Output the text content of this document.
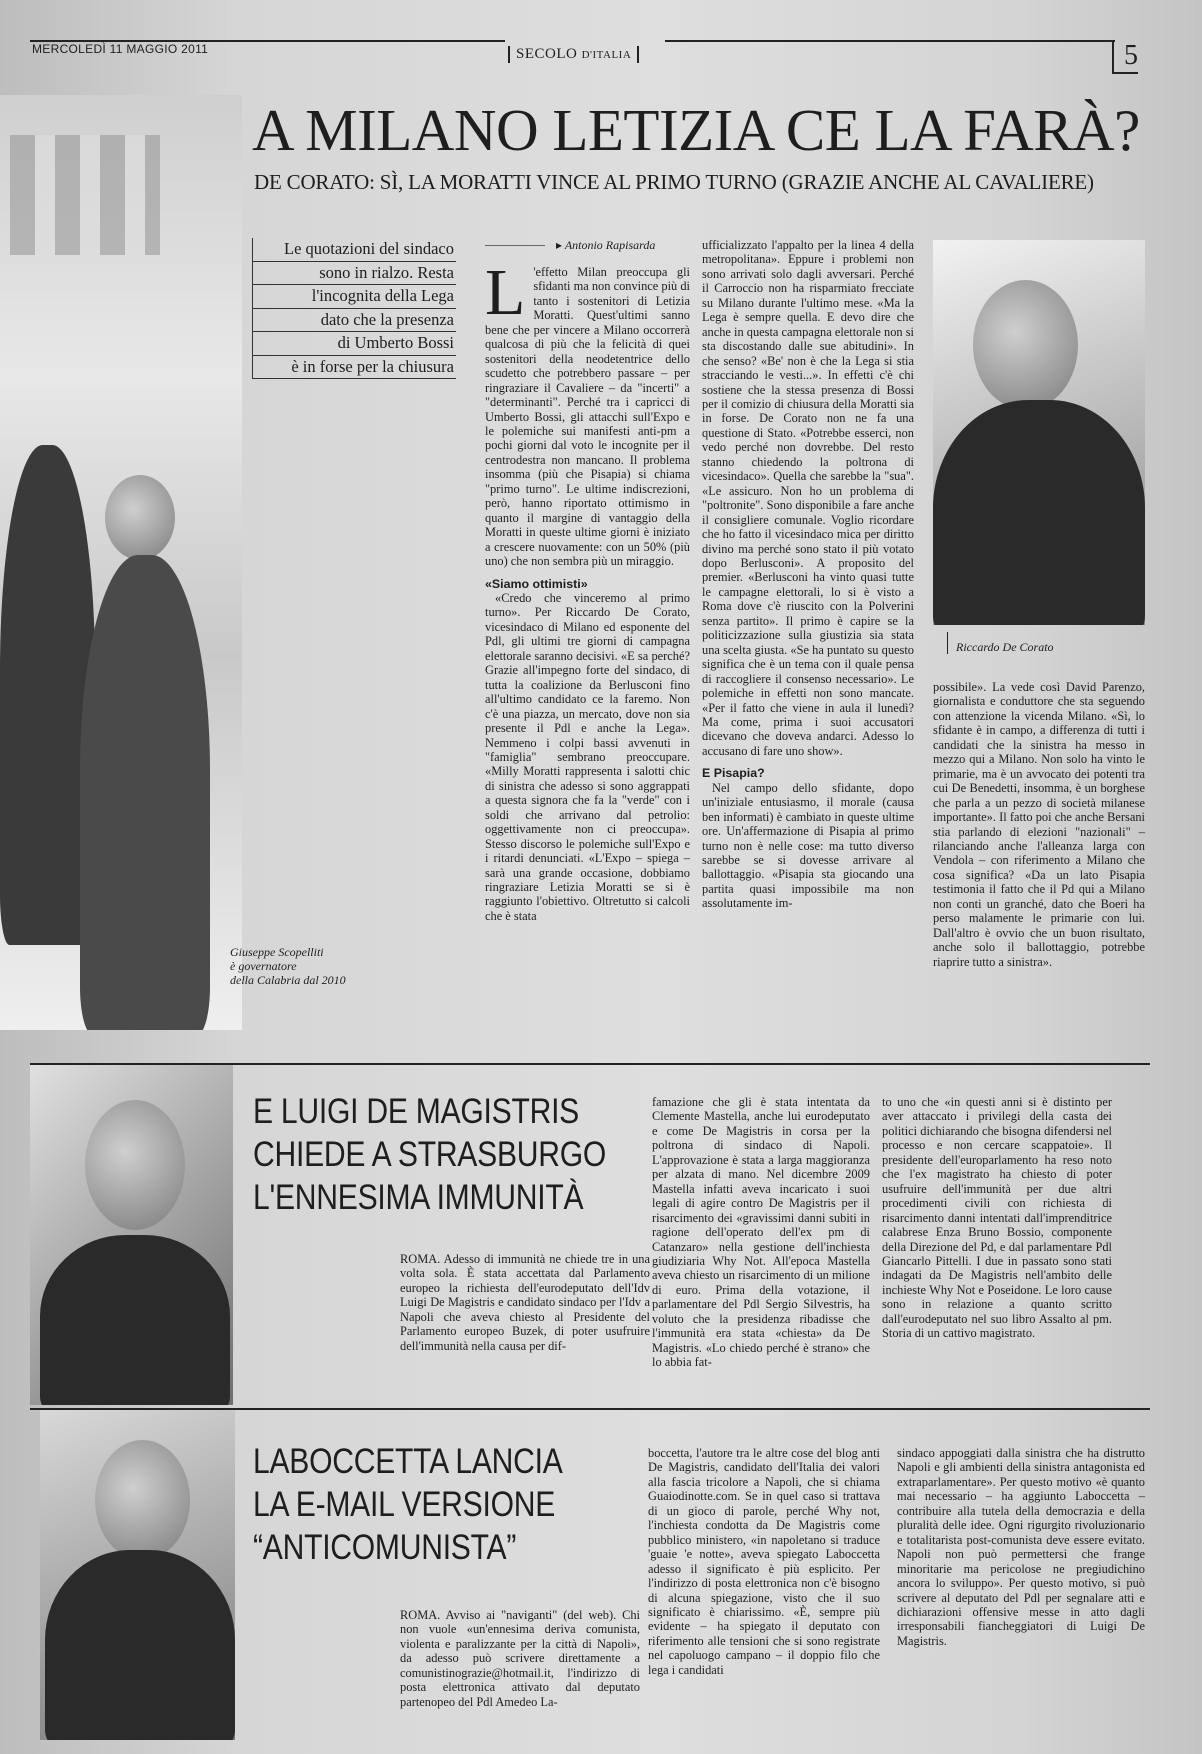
MERCOLEDÌ 11 MAGGIO 2011	SECOLO D'ITALIA	5
A MILANO LETIZIA CE LA FARÀ?
DE CORATO: SÌ, LA MORATTI VINCE AL PRIMO TURNO (GRAZIE ANCHE AL CAVALIERE)
Giuseppe Scopelliti
è governatore
della Calabria dal 2010
Le quotazioni del sindaco
sono in rialzo. Resta
l'incognita della Lega
dato che la presenza
di Umberto Bossi
è in forse per la chiusura
▸ Antonio Rapisarda
L 'effetto Milan preoccupa gli sfidanti ma non convince più di tanto i sostenitori di Letizia Moratti. Quest'ultimi sanno bene che per vincere a Milano occorrerà qualcosa di più che la felicità di quei sostenitori della neodetentrice dello scudetto che potrebbero passare – per ringraziare il Cavaliere – da "incerti" a "determinanti". Perché tra i capricci di Umberto Bossi, gli attacchi sull'Expo e le polemiche sui manifesti anti-pm a pochi giorni dal voto le incognite per il centrodestra non mancano. Il problema insomma (più che Pisapia) si chiama "primo turno". Le ultime indiscrezioni, però, hanno riportato ottimismo in quanto il margine di vantaggio della Moratti in queste ultime giorni è iniziato a crescere nuovamente: con un 50% (più uno) che non sembra più un miraggio.

«Siamo ottimisti»

«Credo che vinceremo al primo turno». Per Riccardo De Corato, vicesindaco di Milano ed esponente del Pdl, gli ultimi tre giorni di campagna elettorale saranno decisivi. «E sa perché? Grazie all'impegno forte del sindaco, di tutta la coalizione da Berlusconi fino all'ultimo candidato ce la faremo. Non c'è una piazza, un mercato, dove non sia presente il Pdl e anche la Lega». Nemmeno i colpi bassi avvenuti in "famiglia" sembrano preoccupare. «Milly Moratti rappresenta i salotti chic di sinistra che adesso si sono aggrappati a questa signora che fa la "verde" con i soldi che arrivano dal petrolio: oggettivamente non ci preoccupa». Stesso discorso le polemiche sull'Expo e i ritardi denunciati. «L'Expo – spiega – sarà una grande occasione, dobbiamo ringraziare Letizia Moratti se si è raggiunto l'obiettivo. Oltretutto si calcoli che è stata

ufficializzato l'appalto per la linea 4 della metropolitana». Eppure i problemi non sono arrivati solo dagli avversari. Perché il Carroccio non ha risparmiato frecciate su Milano durante l'ultimo mese. «Ma la Lega è sempre quella. E devo dire che anche in questa campagna elettorale non si sta discostando dalle sue abitudini». In che senso? «Be' non è che la Lega si stia stracciando le vesti...». In effetti c'è chi sostiene che la stessa presenza di Bossi per il comizio di chiusura della Moratti sia in forse. De Corato non ne fa una questione di Stato. «Potrebbe esserci, non vedo perché non dovrebbe. Del resto stanno chiedendo la poltrona di vicesindaco». Quella che sarebbe la "sua". «Le assicuro. Non ho un problema di "poltronite". Sono disponibile a fare anche il consigliere comunale. Voglio ricordare che ho fatto il vicesindaco mica per diritto divino ma perché sono stato il più votato dopo Berlusconi». A proposito del premier. «Berlusconi ha vinto quasi tutte le campagne elettorali, lo si è visto a Roma dove c'è riuscito con la Polverini senza partito». Il primo è capire se la politicizzazione sulla giustizia sia stata una scelta giusta. «Se ha puntato su questo significa che è un tema con il quale pensa di raccogliere il consenso necessario». Le polemiche in effetti non sono mancate. «Per il fatto che viene in aula il lunedì? Ma come, prima i suoi accusatori dicevano che doveva andarci. Adesso lo accusano di fare uno show».

E Pisapia?

Nel campo dello sfidante, dopo un'iniziale entusiasmo, il morale (causa ben informati) è cambiato in queste ultime ore. Un'affermazione di Pisapia al primo turno non è nelle cose: ma tutto diverso sarebbe se si dovesse arrivare al ballottaggio. «Pisapia sta giocando una partita quasi impossibile ma non assolutamente im-

Riccardo De Corato

possibile». La vede così David Parenzo, giornalista e conduttore che sta seguendo con attenzione la vicenda Milano. «Sì, lo sfidante è in campo, a differenza di tutti i candidati che la sinistra ha messo in mezzo qui a Milano. Non solo ha vinto le primarie, ma è un avvocato dei potenti tra cui De Benedetti, insomma, è un borghese che parla a un pezzo di società milanese importante». Il fatto poi che anche Bersani stia parlando di elezioni "nazionali" – rilanciando anche l'alleanza larga con Vendola – con riferimento a Milano che cosa significa? «Da un lato Pisapia testimonia il fatto che il Pd qui a Milano non conti un granché, dato che Boeri ha perso malamente le primarie con lui. Dall'altro è ovvio che un buon risultato, anche solo il ballottaggio, potrebbe riaprire tutto a sinistra».

E LUIGI DE MAGISTRIS
CHIEDE A STRASBURGO
L'ENNESIMA IMMUNITÀ

ROMA. Adesso di immunità ne chiede tre in una volta sola. È stata accettata dal Parlamento europeo la richiesta dell'eurodeputato dell'Idv Luigi De Magistris e candidato sindaco per l'Idv a Napoli che aveva chiesto al Presidente del Parlamento europeo Buzek, di poter usufruire dell'immunità nella causa per dif-

famazione che gli è stata intentata da Clemente Mastella, anche lui eurodeputato e come De Magistris in corsa per la poltrona di sindaco di Napoli. L'approvazione è stata a larga maggioranza per alzata di mano. Nel dicembre 2009 Mastella infatti aveva incaricato i suoi legali di agire contro De Magistris per il risarcimento dei «gravissimi danni subiti in ragione dell'operato dell'ex pm di Catanzaro» nella gestione dell'inchiesta giudiziaria Why Not. All'epoca Mastella aveva chiesto un risarcimento di un milione di euro. Prima della votazione, il parlamentare del Pdl Sergio Silvestris, ha voluto che la presidenza ribadisse che l'immunità era stata «chiesta» da De Magistris. «Lo chiedo perché è strano» che lo abbia fat-

to uno che «in questi anni si è distinto per aver attaccato i privilegi della casta dei politici dichiarando che bisogna difendersi nel processo e non cercare scappatoie». Il presidente dell'europarlamento ha reso noto che l'ex magistrato ha chiesto di poter usufruire dell'immunità per due altri procedimenti civili con richiesta di risarcimento danni intentati dall'imprenditrice calabrese Enza Bruno Bossio, componente della Direzione del Pd, e dal parlamentare Pdl Giancarlo Pittelli. I due in passato sono stati indagati da De Magistris nell'ambito delle inchieste Why Not e Poseidone. Le loro cause sono in relazione a quanto scritto dall'eurodeputato nel suo libro Assalto al pm. Storia di un cattivo magistrato.

LABOCCETTA LANCIA
LA E-MAIL VERSIONE
“ANTICOMUNISTA”

ROMA. Avviso ai "naviganti" (del web). Chi non vuole «un'ennesima deriva comunista, violenta e paralizzante per la città di Napoli», da adesso può scrivere direttamente a comunistinograzie@hotmail.it, l'indirizzo di posta elettronica attivato dal deputato partenopeo del Pdl Amedeo La-

boccetta, l'autore tra le altre cose del blog anti De Magistris, candidato dell'Italia dei valori alla fascia tricolore a Napoli, che si chiama Guaiodinotte.com. Se in quel caso si trattava di un gioco di parole, perché Why not, l'inchiesta condotta da De Magistris come pubblico ministero, «in napoletano si traduce 'guaie 'e notte», aveva spiegato Laboccetta adesso il significato è più esplicito. Per l'indirizzo di posta elettronica non c'è bisogno di alcuna spiegazione, visto che il suo significato è chiarissimo. «È, sempre più evidente – ha spiegato il deputato con riferimento alle tensioni che si sono registrate nel capoluogo campano – il doppio filo che lega i candidati

sindaco appoggiati dalla sinistra che ha distrutto Napoli e gli ambienti della sinistra antagonista ed extraparlamentare». Per questo motivo «è quanto mai necessario – ha aggiunto Laboccetta – contribuire alla tutela della democrazia e della pluralità delle idee. Ogni rigurgito rivoluzionario e totalitarista post-comunista deve essere evitato. Napoli non può permettersi che frange minoritarie ma pericolose ne pregiudichino ancora lo sviluppo». Per questo motivo, si può scrivere al deputato del Pdl per segnalare atti e dichiarazioni offensive messe in atto dagli irresponsabili fiancheggiatori di Luigi De Magistris.
